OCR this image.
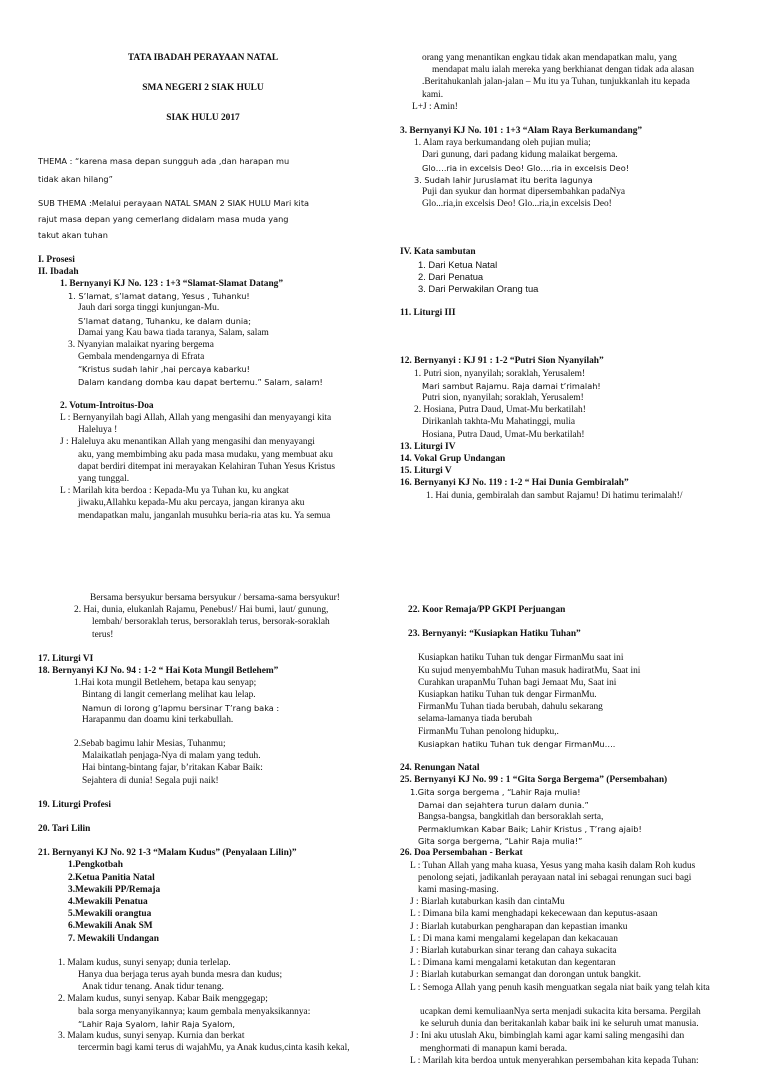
TATA IBADAH PERAYAAN NATAL

SMA NEGERI 2 SIAK HULU

SIAK HULU 2017

THEMA : “karena masa depan sungguh ada ,dan harapan mu

tidak akan hilang”

SUB THEMA :Melalui perayaan NATAL SMAN 2 SIAK HULU Mari kita

rajut masa depan yang cemerlang didalam masa muda yang

takut akan tuhan

I. Prosesi

II. Ibadah

1. Bernyanyi KJ No. 123 : 1+3 “Slamat-Slamat Datang”

1. S’lamat, s’lamat datang, Yesus , Tuhanku!

Jauh dari sorga tinggi kunjungan-Mu.

S’lamat datang, Tuhanku, ke dalam dunia;

Damai yang Kau bawa tiada taranya, Salam, salam

3. Nyanyian malaikat nyaring bergema

Gembala mendengarnya di Efrata

“Kristus sudah lahir ,hai percaya kabarku!

Dalam kandang domba kau dapat bertemu.” Salam, salam!

2. Votum-Introitus-Doa

L : Bernyanyilah bagi Allah, Allah yang mengasihi dan menyayangi kita

Haleluya !

J : Haleluya aku menantikan Allah yang mengasihi dan menyayangi

aku, yang membimbing aku pada masa mudaku, yang membuat aku

dapat berdiri ditempat ini merayakan Kelahiran Tuhan Yesus Kristus

yang tunggal.

L : Marilah kita berdoa : Kepada-Mu ya Tuhan ku, ku angkat

jiwaku,Allahku kepada-Mu aku percaya, jangan kiranya aku

mendapatkan malu, janganlah musuhku beria-ria atas ku. Ya semua

orang yang menantikan engkau tidak akan mendapatkan malu, yang

mendapat malu ialah mereka yang berkhianat dengan tidak ada alasan

.Beritahukanlah jalan-jalan – Mu itu ya Tuhan, tunjukkanlah itu kepada

kami.

L+J : Amin!

3. Bernyanyi KJ No. 101 : 1+3 “Alam Raya Berkumandang”

1. Alam raya berkumandang oleh pujian mulia;

Dari gunung, dari padang kidung malaikat bergema.

Glo….ria in excelsis Deo! Glo….ria in excelsis Deo!

3. Sudah lahir Juruslamat itu berita lagunya

Puji dan syukur dan hormat dipersembahkan padaNya

Glo...ria,in excelsis Deo! Glo...ria,in excelsis Deo!

IV. Kata sambutan

1. Dari Ketua Natal

2. Dari Penatua

3. Dari Perwakilan Orang tua

11. Liturgi III

12. Bernyanyi : KJ 91 : 1-2 “Putri Sion Nyanyilah”

1. Putri sion, nyanyilah; soraklah, Yerusalem!

Mari sambut Rajamu. Raja damai t’rimalah!

Putri sion, nyanyilah; soraklah, Yerusalem!

2. Hosiana, Putra Daud, Umat-Mu berkatilah!

Dirikanlah takhta-Mu Mahatinggi, mulia

Hosiana, Putra Daud, Umat-Mu berkatilah!

13. Liturgi IV

14. Vokal Grup Undangan

15. Liturgi V

16. Bernyanyi KJ No. 119 : 1-2 “ Hai Dunia Gembiralah”

1. Hai dunia, gembiralah dan sambut Rajamu! Di hatimu terimalah!/

Bersama bersyukur bersama bersyukur / bersama-sama bersyukur!

2. Hai, dunia, elukanlah Rajamu, Penebus!/ Hai bumi, laut/ gunung,

lembah/ bersoraklah terus, bersoraklah terus, bersorak-soraklah

terus!

17. Liturgi VI

18. Bernyanyi KJ No. 94 : 1-2 “ Hai Kota Mungil Betlehem”

1.Hai kota mungil Betlehem, betapa kau senyap;

Bintang di langit cemerlang melihat kau lelap.

Namun di lorong g’lapmu bersinar T’rang baka :

Harapanmu dan doamu kini terkabullah.

2.Sebab bagimu lahir Mesias, Tuhanmu;

Malaikatlah penjaga-Nya di malam yang teduh.

Hai bintang-bintang fajar, b’ritakan Kabar Baik:

Sejahtera di dunia! Segala puji naik!

19. Liturgi Profesi

20. Tari Lilin

21. Bernyanyi KJ No. 92 1-3 “Malam Kudus” (Penyalaan Lilin)”

1.Pengkotbah

2.Ketua Panitia Natal

3.Mewakili PP/Remaja

4.Mewakili Penatua

5.Mewakili orangtua

6.Mewakili Anak SM

7. Mewakili Undangan

1. Malam kudus, sunyi senyap; dunia terlelap.

Hanya dua berjaga terus ayah bunda mesra dan kudus;

Anak tidur tenang. Anak tidur tenang.

2. Malam kudus, sunyi senyap. Kabar Baik menggegap;

bala sorga menyanyikannya; kaum gembala menyaksikannya:

“Lahir Raja Syalom, lahir Raja Syalom,

3. Malam kudus, sunyi senyap. Kurnia dan berkat

tercermin bagi kami terus di wajahMu, ya Anak kudus,cinta kasih kekal,

22. Koor Remaja/PP GKPI Perjuangan

23. Bernyanyi: “Kusiapkan Hatiku Tuhan”

Kusiapkan hatiku Tuhan tuk dengar FirmanMu saat ini

Ku sujud menyembahMu Tuhan masuk hadiratMu, Saat ini

Curahkan urapanMu Tuhan bagi Jemaat Mu, Saat ini

Kusiapkan hatiku Tuhan tuk dengar FirmanMu.

FirmanMu Tuhan tiada berubah, dahulu sekarang

selama-lamanya tiada berubah

FirmanMu Tuhan penolong hidupku,.

Kusiapkan hatiku Tuhan tuk dengar FirmanMu….

24. Renungan Natal

25. Bernyanyi KJ No. 99 : 1 “Gita Sorga Bergema” (Persembahan)

1.Gita sorga bergema , “Lahir Raja mulia!

Damai dan sejahtera turun dalam dunia.”

Bangsa-bangsa, bangkitlah dan bersoraklah serta,

Permaklumkan Kabar Baik; Lahir Kristus , T’rang ajaib!

Gita sorga bergema, “Lahir Raja mulia!”

26. Doa Persembahan - Berkat

L : Tuhan Allah yang maha kuasa, Yesus yang maha kasih dalam Roh kudus

penolong sejati, jadikanlah perayaan natal ini sebagai renungan suci bagi

kami masing-masing.

J : Biarlah kutaburkan kasih dan cintaMu

L : Dimana bila kami menghadapi kekecewaan dan keputus-asaan

J : Biarlah kutaburkan pengharapan dan kepastian imanku

L : Di mana kami mengalami kegelapan dan kekacauan

J : Biarlah kutaburkan sinar terang dan cahaya sukacita

L : Dimana kami mengalami ketakutan dan kegentaran

J : Biarlah kutaburkan semangat dan dorongan untuk bangkit.

L : Semoga Allah yang penuh kasih menguatkan segala niat baik yang telah kita

ucapkan demi kemuliaanNya serta menjadi sukacita kita bersama. Pergilah

ke seluruh dunia dan beritakanlah kabar baik ini ke seluruh umat manusia.

J : Ini aku utuslah Aku, bimbinglah kami agar kami saling mengasihi dan

menghormati di manapun kami berada.

L : Marilah kita berdoa untuk menyerahkan persembahan kita kepada Tuhan:
